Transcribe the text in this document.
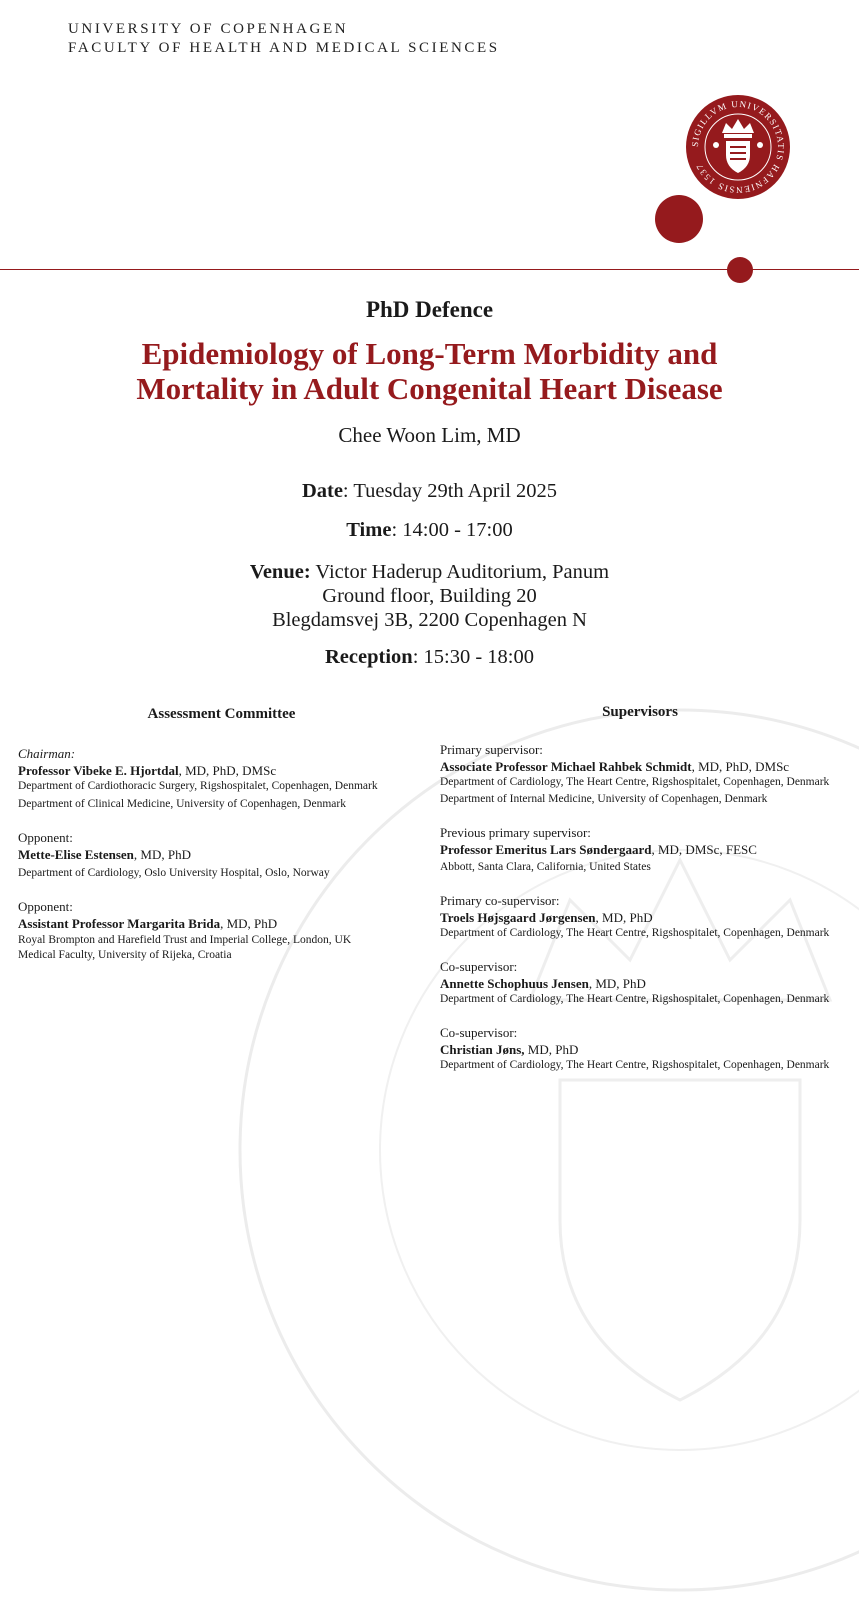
UNIVERSITY OF COPENHAGEN
FACULTY OF HEALTH AND MEDICAL SCIENCES
SIGILLVM UNIVERSITATIS HAFNIENSIS 1537
PhD Defence
Epidemiology of Long-Term Morbidity and
Mortality in Adult Congenital Heart Disease
Chee Woon Lim, MD
Date: Tuesday 29th April 2025
Time: 14:00 - 17:00
Venue: Victor Haderup Auditorium, Panum
Ground floor, Building 20
Blegdamsvej 3B, 2200 Copenhagen N
Reception: 15:30 - 18:00
Assessment Committee	Supervisors
Chairman:
Professor Vibeke E. Hjortdal, MD, PhD, DMSc
Department of Cardiothoracic Surgery, Rigshospitalet, Copenhagen, Denmark
Department of Clinical Medicine, University of Copenhagen, Denmark
Opponent:
Mette-Elise Estensen, MD, PhD
Department of Cardiology, Oslo University Hospital, Oslo, Norway
Opponent:
Assistant Professor Margarita Brida, MD, PhD
Royal Brompton and Harefield Trust and Imperial College, London, UK
Medical Faculty, University of Rijeka, Croatia
Primary supervisor:
Associate Professor Michael Rahbek Schmidt, MD, PhD, DMSc
Department of Cardiology, The Heart Centre, Rigshospitalet, Copenhagen, Denmark
Department of Internal Medicine, University of Copenhagen, Denmark
Previous primary supervisor:
Professor Emeritus Lars Søndergaard, MD, DMSc, FESC
Abbott, Santa Clara, California, United States
Primary co-supervisor:
Troels Højsgaard Jørgensen, MD, PhD
Department of Cardiology, The Heart Centre, Rigshospitalet, Copenhagen, Denmark
Co-supervisor:
Annette Schophuus Jensen, MD, PhD
Department of Cardiology, The Heart Centre, Rigshospitalet, Copenhagen, Denmark
Co-supervisor:
Christian Jøns, MD, PhD
Department of Cardiology, The Heart Centre, Rigshospitalet, Copenhagen, Denmark
